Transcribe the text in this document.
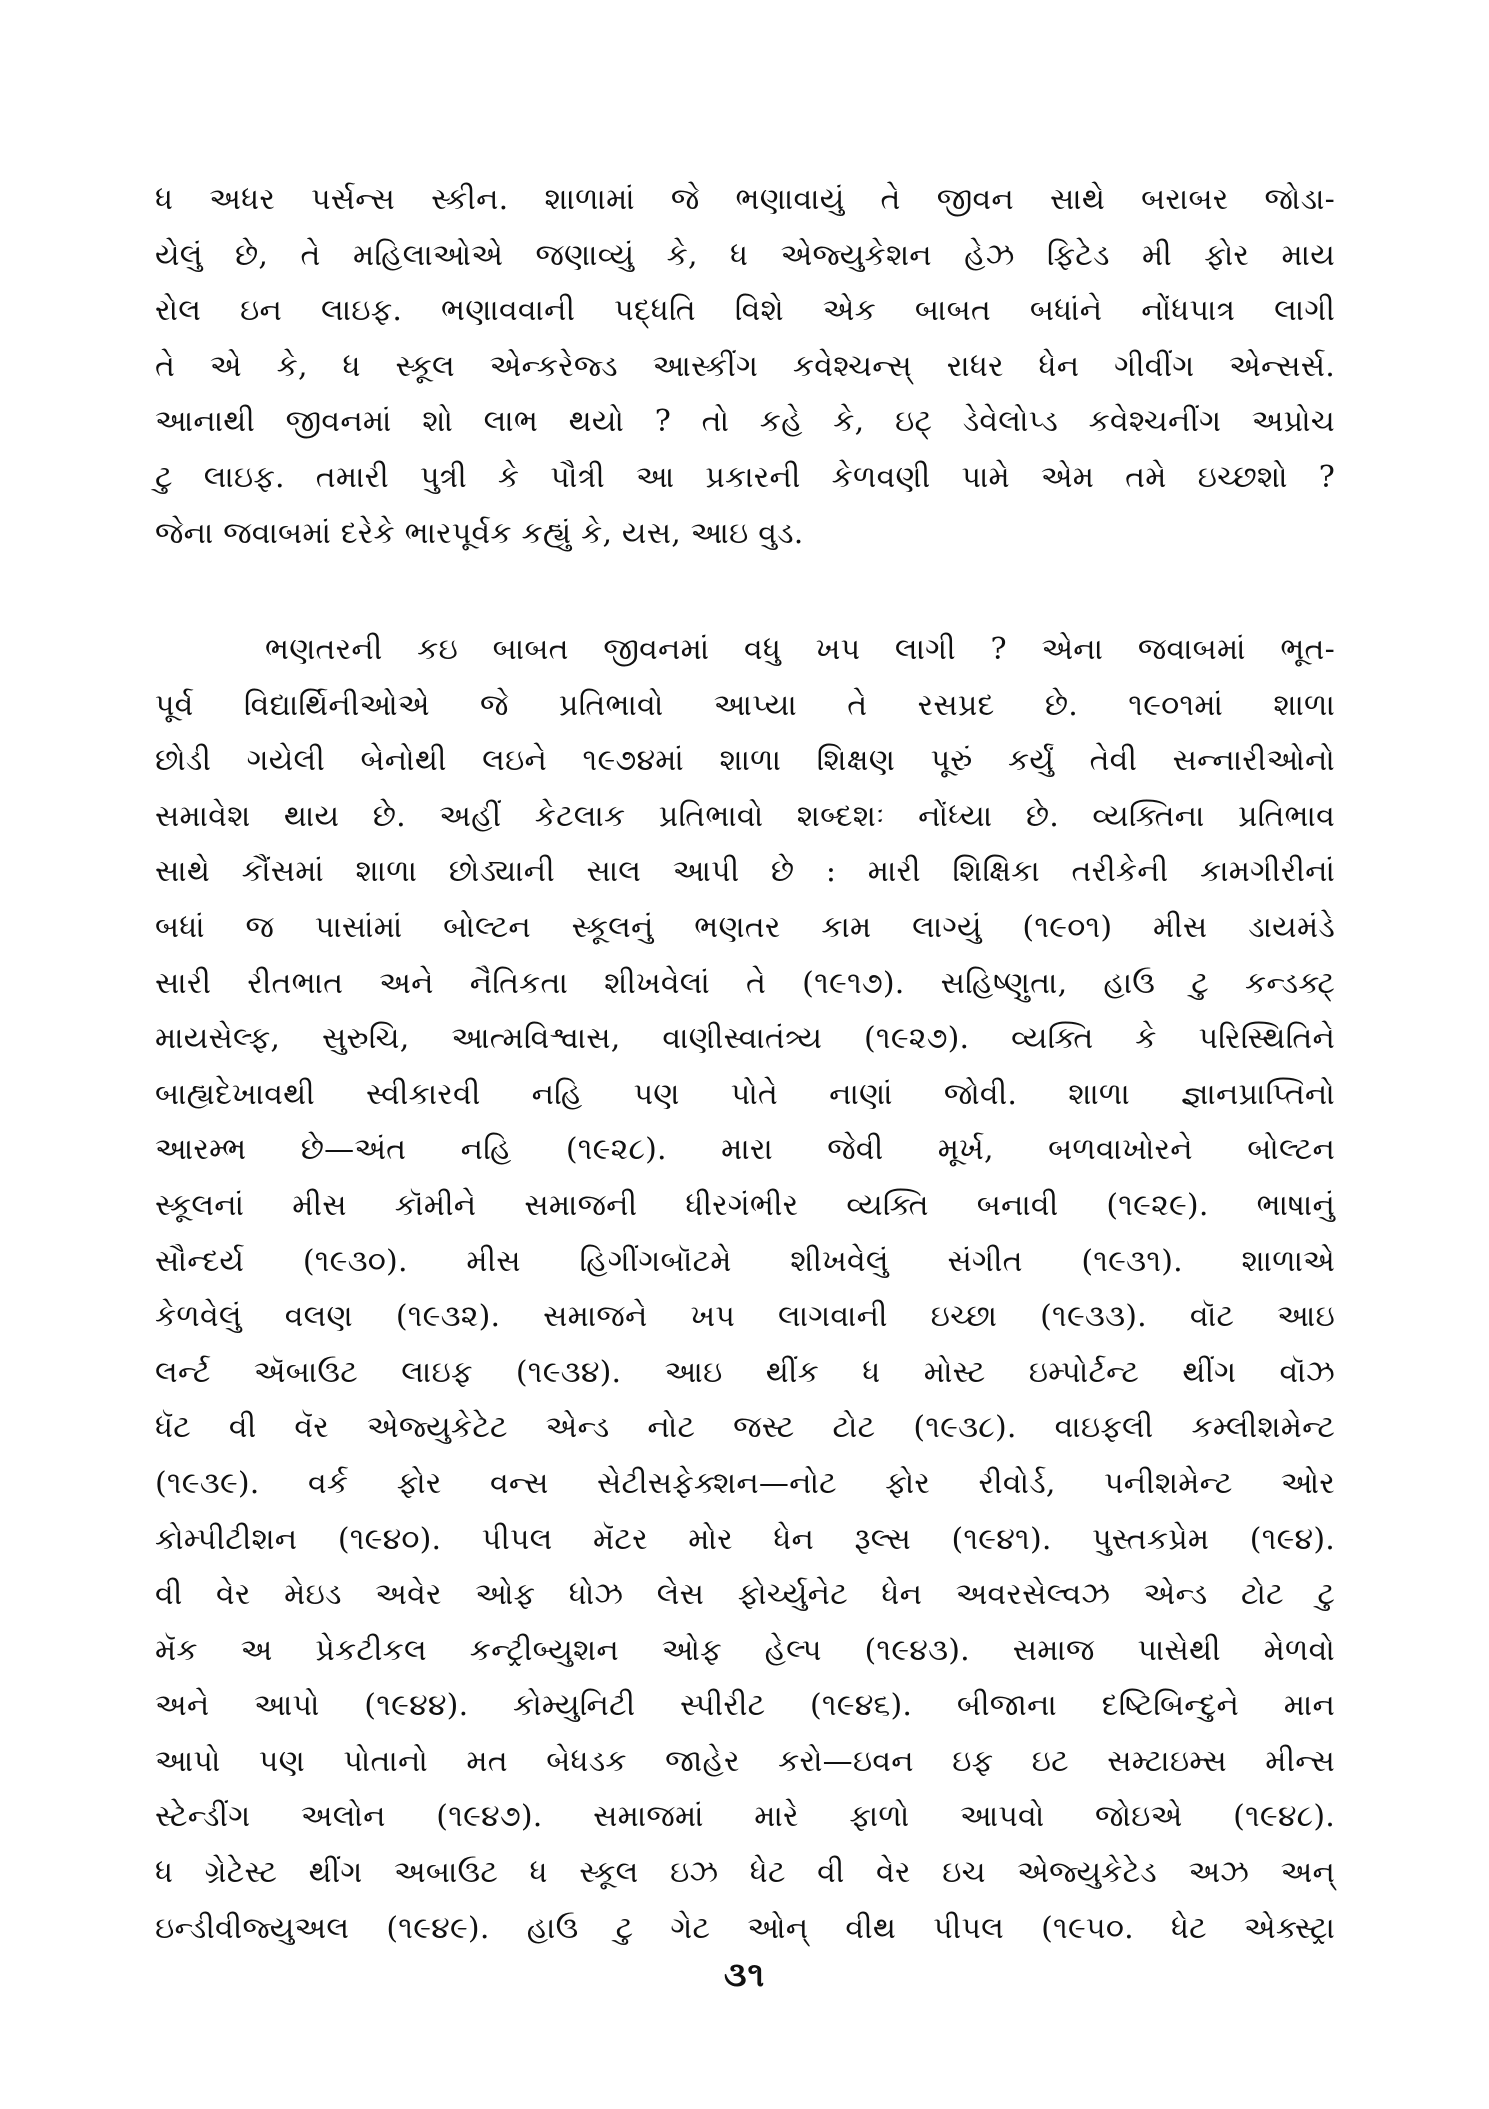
ધ અધર પર્સન્સ સ્કીન. શાળામાં જે ભણાવાયું તે જીવન સાથે બરાબર જોડા-
યેલું છે, તે મહિલાઓએ જણાવ્યું કે, ધ એજ્યુકેશન હેઝ ફિટેડ મી ફોર માય
રોલ ઇન લાઇફ. ભણાવવાની પદ્ધતિ વિશે એક બાબત બધાંને નોંધપાત્ર લાગી
તે એ કે, ધ સ્કૂલ એન્કરેજ્ડ આસ્કીંગ કવેશ્ચન્સ્ રાધર ધેન ગીવીંગ એન્સર્સ.
આનાથી જીવનમાં શો લાભ થયો ? તો કહે કે, ઇટ્ ડેવેલોપ્ડ કવેશ્ચનીંગ અપ્રોચ
ટુ લાઇફ. તમારી પુત્રી કે પૌત્રી આ પ્રકારની કેળવણી પામે એમ તમે ઇચ્છશો ?
જેના જવાબમાં દરેકે ભારપૂર્વક કહ્યું કે, યસ, આઇ વુડ.
ભણતરની કઇ બાબત જીવનમાં વધુ ખપ લાગી ? એના જવાબમાં ભૂત-
પૂર્વ વિદ્યાર્થિનીઓએ જે પ્રતિભાવો આપ્યા તે રસપ્રદ છે. ૧૯૦૧માં શાળા
છોડી ગયેલી બેનોથી લઇને ૧૯૭૪માં શાળા શિક્ષણ પૂરું કર્યું તેવી સન્નારીઓનો
સમાવેશ થાય છે. અહીં કેટલાક પ્રતિભાવો શબ્દશઃ નોંધ્યા છે. વ્યક્તિના પ્રતિભાવ
સાથે કૌંસમાં શાળા છોડ્યાની સાલ આપી છે : મારી શિક્ષિકા તરીકેની કામગીરીનાં
બધાં જ પાસાંમાં બોલ્ટન સ્કૂલનું ભણતર કામ લાગ્યું (૧૯૦૧) મીસ ડાયમંડે
સારી રીતભાત અને નૈતિકતા શીખવેલાં તે (૧૯૧૭). સહિષ્ણુતા, હાઉ ટુ કન્ડક્ટ્
માયસેલ્ફ, સુરુચિ, આત્મવિશ્વાસ, વાણીસ્વાતંત્ર્ય (૧૯૨૭). વ્યક્તિ કે પરિસ્થિતિને
બાહ્યદેખાવથી સ્વીકારવી નહિ પણ પોતે નાણાં જોવી. શાળા જ્ઞાનપ્રાપ્તિનો
આરમ્ભ છે—અંત નહિ (૧૯૨૮). મારા જેવી મૂર્ખ, બળવાખોરને બોલ્ટન
સ્કૂલનાં મીસ કૉમીને સમાજની ધીરગંભીર વ્યક્તિ બનાવી (૧૯૨૯). ભાષાનું
સૌન્દર્ય (૧૯૩૦). મીસ હિગીંગબૉટમે શીખવેલું સંગીત (૧૯૩૧). શાળાએ
કેળવેલું વલણ (૧૯૩૨). સમાજને ખપ લાગવાની ઇચ્છા (૧૯૩૩). વૉટ આઇ
લર્ન્ટ ઍબાઉટ લાઇફ (૧૯૩૪). આઇ થીંક ધ મોસ્ટ ઇમ્પોર્ટન્ટ થીંગ વૉઝ
ધૅટ વી વૅર એજ્યુકેટેટ એન્ડ નોટ જસ્ટ ટોટ (૧૯૩૮). વાઇફલી કમ્લીશમેન્ટ
(૧૯૩૯). વર્ક ફોર વન્સ સેટીસફેક્શન—નોટ ફોર રીવોર્ડ, પનીશમેન્ટ ઓર
કોમ્પીટીશન (૧૯૪૦). પીપલ મૅટર મોર ધેન રૂલ્સ (૧૯૪૧). પુસ્તકપ્રેમ (૧૯૪).
વી વેર મેઇડ અવેર ઓફ ધોઝ લેસ ફોર્ચ્યુનેટ ધેન અવરસેલ્વઝ એન્ડ ટોટ ટુ
મૅક અ પ્રેકટીકલ કન્ટ્રીબ્યુશન ઓફ હેલ્પ (૧૯૪૩). સમાજ પાસેથી મેળવો
અને આપો (૧૯૪૪). કોમ્યુનિટી સ્પીરીટ (૧૯૪૬). બીજાના દષ્ટિબિન્દુને માન
આપો પણ પોતાનો મત બેધડક જાહેર કરો—ઇવન ઇફ ઇટ સમ્ટાઇમ્સ મીન્સ
સ્ટેન્ડીંગ અલોન (૧૯૪૭). સમાજમાં મારે ફાળો આપવો જોઇએ (૧૯૪૮).
ધ ગ્રેટેસ્ટ થીંગ અબાઉટ ધ સ્કૂલ ઇઝ ધેટ વી વેર ઇચ એજ્યુકેટેડ અઝ અન્
ઇન્ડીવીજ્યુઅલ (૧૯૪૯). હાઉ ટુ ગેટ ઓન્ વીથ પીપલ (૧૯૫૦. ધેટ એક્સ્ટ્રા
૩૧
